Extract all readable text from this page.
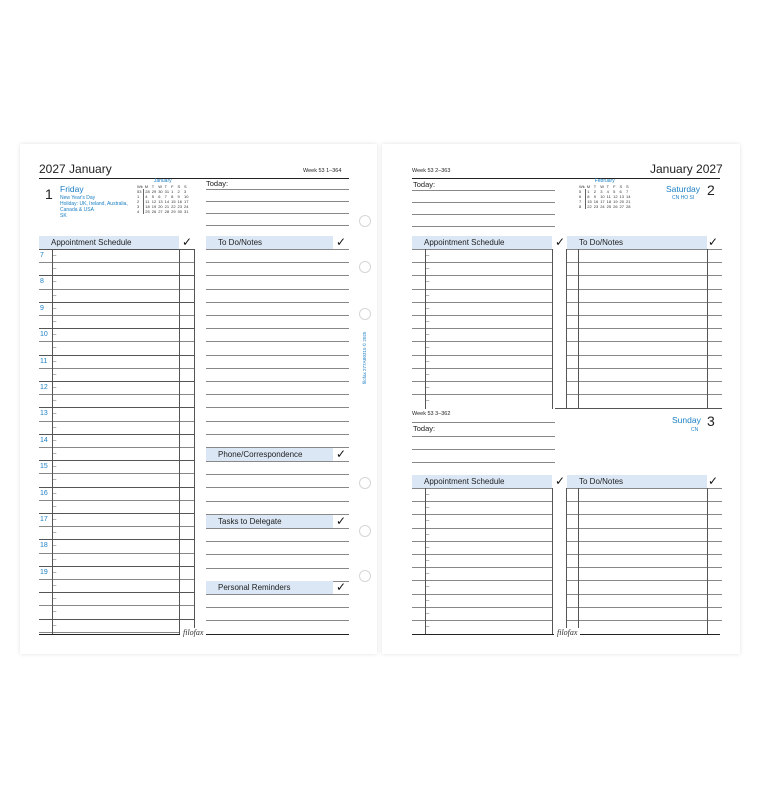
2027 January	Week 53 1–364
1 Friday
New Year's Day
Holiday: UK, Ireland, Australia,
Canada & USA
SK
January
Wk	M	T	W	T	F	S	S
53	28	29	30	31	1	2	3
1	4	5	6	7	8	9	10
2	11	12	13	14	15	16	17
3	18	19	20	21	22	23	24
4	25	26	27	28	29	30	31
Today:
Appointment Schedule	✓	To Do/Notes	✓
–
–
–
–
–
–
–
–
–
–
–
–
–
–
–
–
–
–
–
–
–
–
–
–
–
–
–
–
–
7
8
9
10
11
12
13
14
15
16
17
18
19
Phone/Correspondence	✓
Tasks to Delegate	✓
Personal Reminders	✓
filofax
Week 53 2–363	January 2027
Today:	February
Wk	M	T	W	T	F	S	S
5	1	2	3	4	5	6	7
6	8	9	10	11	12	13	14
7	15	16	17	18	19	20	21
8	22	23	24	25	26	27	28
Saturday 2
CN HO SI
Appointment Schedule	✓ To Do/Notes	✓
–
–
–
–
–
–
–
–
–
–
–
–
Week 53 3–362
Today:
Sunday 3
CN
Appointment Schedule	✓ To Do/Notes	✓
–
–
–
–
–
–
–
–
–
–
–
filofax
filofax 277AB0315 © 2025
